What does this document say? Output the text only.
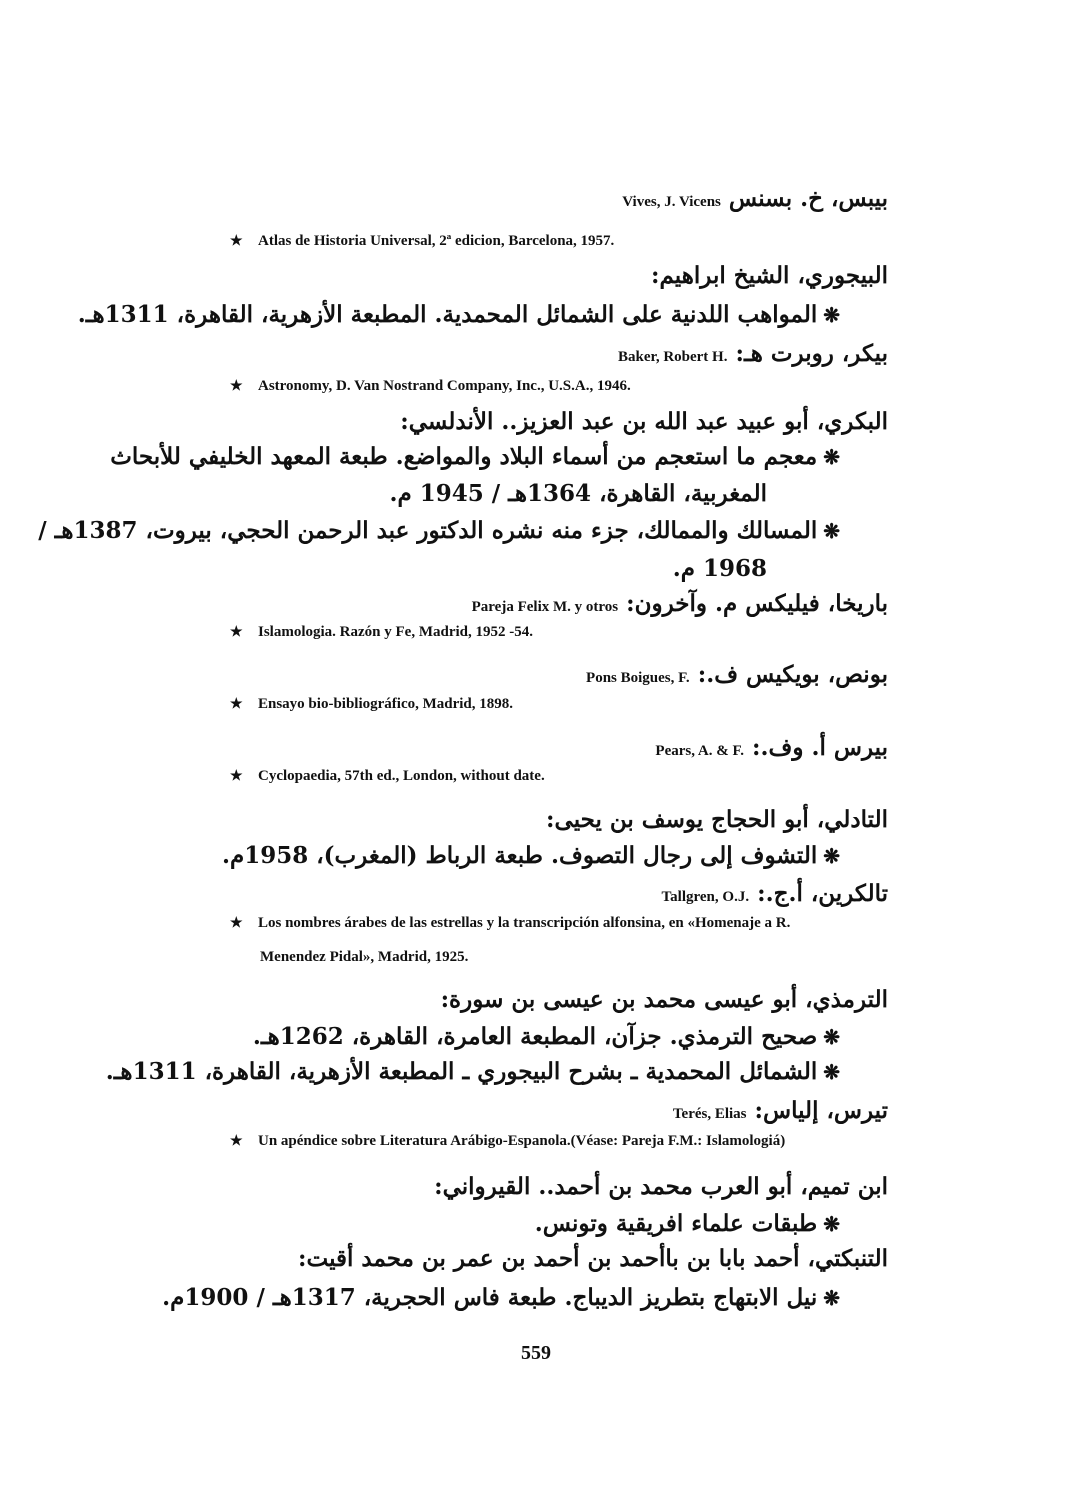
بيبس، خ. بسنس Vives, J. Vicens
★ Atlas de Historia Universal, 2ª edicion, Barcelona, 1957.
البيجوري، الشيخ ابراهيم:
❋المواهب اللدنية على الشمائل المحمدية. المطبعة الأزهرية، القاهرة، 1311هـ.
بيكر، روبرت هـ: Baker, Robert H.
★ Astronomy, D. Van Nostrand Company, Inc., U.S.A., 1946.
البكري، أبو عبيد عبد الله بن عبد العزيز.. الأندلسي:
❋معجم ما استعجم من أسماء البلاد والمواضع. طبعة المعهد الخليفي للأبحاث
المغربية، القاهرة، 1364هـ / 1945 م.
❋المسالك والممالك، جزء منه نشره الدكتور عبد الرحمن الحجي، بيروت، 1387هـ /
1968 م.
باريخا، فيليكس م. وآخرون: Pareja Felix M. y otros
★ Islamologia. Razón y Fe, Madrid, 1952 -54.
بونص، بويكيس ف.: Pons Boigues, F.
★ Ensayo bio-bibliográfico, Madrid, 1898.
بيرس أ. وف.: Pears, A. & F.
★ Cyclopaedia, 57th ed., London, without date.
التادلي، أبو الحجاج يوسف بن يحيى:
❋التشوف إلى رجال التصوف. طبعة الرباط (المغرب)، 1958م.
تالكرين، أ.ج.: Tallgren, O.J.
★ Los nombres árabes de las estrellas y la transcripción alfonsina, en «Homenaje a R.
Menendez Pidal», Madrid, 1925.
الترمذي، أبو عيسى محمد بن عيسى بن سورة:
❋صحيح الترمذي. جزآن، المطبعة العامرة، القاهرة، 1262هـ.
❋الشمائل المحمدية ـ بشرح البيجوري ـ المطبعة الأزهرية، القاهرة، 1311هـ.
تيرس، إلياس: Terés, Elias
★ Un apéndice sobre Literatura Arábigo-Espanola.(Véase: Pareja F.M.: Islamologiá)
ابن تميم، أبو العرب محمد بن أحمد.. القيرواني:
❋طبقات علماء افريقية وتونس.
التنبكتي، أحمد بابا بن باأحمد بن أحمد بن عمر بن محمد أقيت:
❋نيل الابتهاج بتطريز الديباج. طبعة فاس الحجرية، 1317هـ / 1900م.
559
